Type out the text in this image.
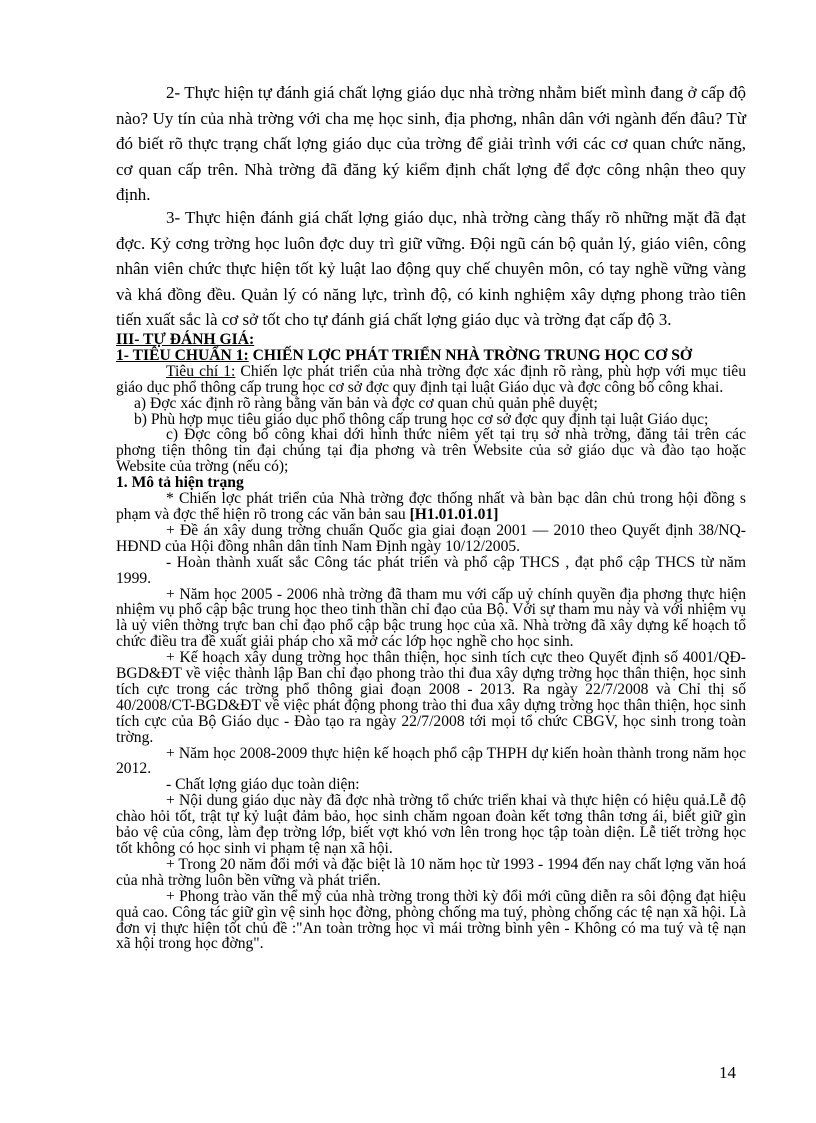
2- Thực hiện tự đánh giá chất lợng giáo dục nhà trờng nhằm biết mình đang ở cấp độ nào? Uy tín của nhà trờng với cha mẹ học sinh, địa phơng, nhân dân với ngành đến đâu? Từ đó biết rõ thực trạng chất lợng giáo dục của trờng để giải trình với các cơ quan chức năng, cơ quan cấp trên. Nhà trờng đã đăng ký kiểm định chất lợng để đợc công nhận theo quy định.

3- Thực hiện đánh giá chất lợng giáo dục, nhà trờng càng thấy rõ những mặt đã đạt đợc. Kỷ cơng trờng học luôn đợc duy trì giữ vững. Đội ngũ cán bộ quản lý, giáo viên, công nhân viên chức thực hiện tốt kỷ luật lao động quy chế chuyên môn, có tay nghề vững vàng và khá đồng đều. Quản lý có năng lực, trình độ, có kinh nghiệm xây dựng phong trào tiên tiến xuất sắc là cơ sở tốt cho tự đánh giá chất lợng giáo dục và trờng đạt cấp độ 3.

III- TỰ ĐÁNH GIÁ:

1- TIÊU CHUẨN 1: CHIẾN LỢC PHÁT TRIỂN NHÀ TRỜNG TRUNG HỌC CƠ SỞ

Tiêu chí 1: Chiến lợc phát triển của nhà trờng đợc xác định rõ ràng, phù hợp với mục tiêu giáo dục phổ thông cấp trung học cơ sở đợc quy định tại luật Giáo dục và đợc công bố công khai.

a) Đợc xác định rõ ràng bằng văn bản và đợc cơ quan chủ quản phê duyệt;

b) Phù hợp mục tiêu giáo dục phổ thông cấp trung học cơ sở đợc quy định tại luật Giáo dục;

c) Đợc công bố công khai dới hình thức niêm yết tại trụ sở nhà trờng, đăng tải trên các phơng tiện thông tin đại chúng tại địa phơng và trên Website của sở giáo dục và đào tạo hoặc Website của trờng (nếu có);

1. Mô tả hiện trạng

* Chiến lợc phát triển của Nhà trờng đợc thống nhất và bàn bạc dân chủ trong hội đồng s phạm và đợc thể hiện rõ trong các văn bản sau [H1.01.01.01]

+ Đề án xây dung trờng chuẩn Quốc gia giai đoạn 2001 — 2010 theo Quyết định 38/NQ-HĐND của Hội đồng nhân dân tỉnh Nam Định ngày 10/12/2005.

- Hoàn thành xuất sắc Công tác phát triển và phổ cập THCS , đạt phổ cập THCS từ năm 1999.

+ Năm học 2005 - 2006 nhà trờng đã tham mu với cấp uỷ chính quyền địa phơng thực hiện nhiệm vụ phổ cập bậc trung học theo tinh thần chỉ đạo của Bộ. Với sự tham mu này và với nhiệm vụ là uỷ viên thờng trực ban chỉ đạo phổ cập bậc trung học của xã. Nhà trờng đã xây dựng kế hoạch tổ chức điều tra đề xuất giải pháp cho xã mở các lớp học nghề cho học sinh.

+ Kế hoạch xây dung trờng học thân thiện, học sinh tích cực theo Quyết định số 4001/QĐ-BGD&ĐT về việc thành lập Ban chỉ đạo phong trào thi đua xây dựng trờng học thân thiện, học sinh tích cực trong các trờng phổ thông giai đoạn 2008 - 2013. Ra ngày 22/7/2008 và Chỉ thị số 40/2008/CT-BGD&ĐT về việc phát động phong trào thi đua xây dựng trờng học thân thiện, học sinh tích cực của Bộ Giáo dục - Đào tạo ra ngày 22/7/2008 tới mọi tổ chức CBGV, học sinh trong toàn trờng.

+ Năm học 2008-2009 thực hiện kế hoạch phổ cập THPH dự kiến hoàn thành trong năm học 2012.

- Chất lợng giáo dục toàn diện:

+ Nội dung giáo dục này đã đợc nhà trờng tổ chức triển khai và thực hiện có hiệu quả.Lễ độ chào hỏi tốt, trật tự kỷ luật đảm bảo, học sinh chăm ngoan đoàn kết tơng thân tơng ái, biết giữ gìn bảo vệ của công, làm đẹp trờng lớp, biết vợt khó vơn lên trong học tập toàn diện. Lễ tiết trờng học tốt không có học sinh vi phạm tệ nạn xã hội.

+ Trong 20 năm đổi mới và đặc biệt là 10 năm học từ 1993 - 1994 đến nay chất lợng văn hoá của nhà trờng luôn bền vững và phát triển.

+ Phong trào văn thể mỹ của nhà trờng trong thời kỳ đổi mới cũng diễn ra sôi động đạt hiệu quả cao. Công tác giữ gìn vệ sinh học đờng, phòng chống ma tuý, phòng chống các tệ nạn xã hội. Là đơn vị thực hiện tốt chủ đề :"An toàn trờng học vì mái trờng bình yên - Không có ma tuý và tệ nạn xã hội trong học đờng".

14
